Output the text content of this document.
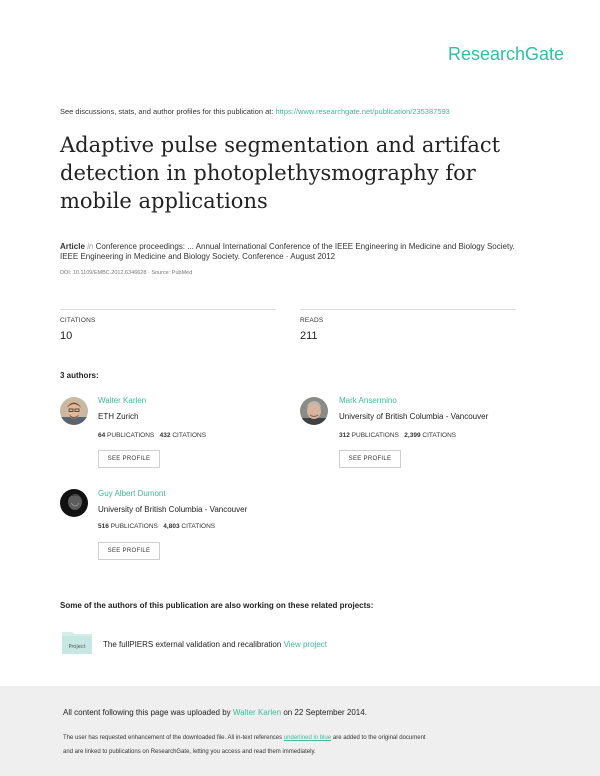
ResearchGate
See discussions, stats, and author profiles for this publication at: https://www.researchgate.net/publication/235387593
Adaptive pulse segmentation and artifact detection in photoplethysmography for mobile applications
Article in Conference proceedings: ... Annual International Conference of the IEEE Engineering in Medicine and Biology Society. IEEE Engineering in Medicine and Biology Society. Conference · August 2012
DOI: 10.1109/EMBC.2012.6346628 · Source: PubMed
CITATIONS
10
READS
211
3 authors:
Walter Karlen
ETH Zurich
64 PUBLICATIONS 432 CITATIONS
SEE PROFILE
Mark Ansermino
University of British Columbia - Vancouver
312 PUBLICATIONS 2,399 CITATIONS
SEE PROFILE
Guy Albert Dumont
University of British Columbia - Vancouver
516 PUBLICATIONS 4,803 CITATIONS
SEE PROFILE
Some of the authors of this publication are also working on these related projects:
Project The fullPIERS external validation and recalibration View project
All content following this page was uploaded by Walter Karlen on 22 September 2014.
The user has requested enhancement of the downloaded file. All in-text references underlined in blue are added to the original document
and are linked to publications on ResearchGate, letting you access and read them immediately.
